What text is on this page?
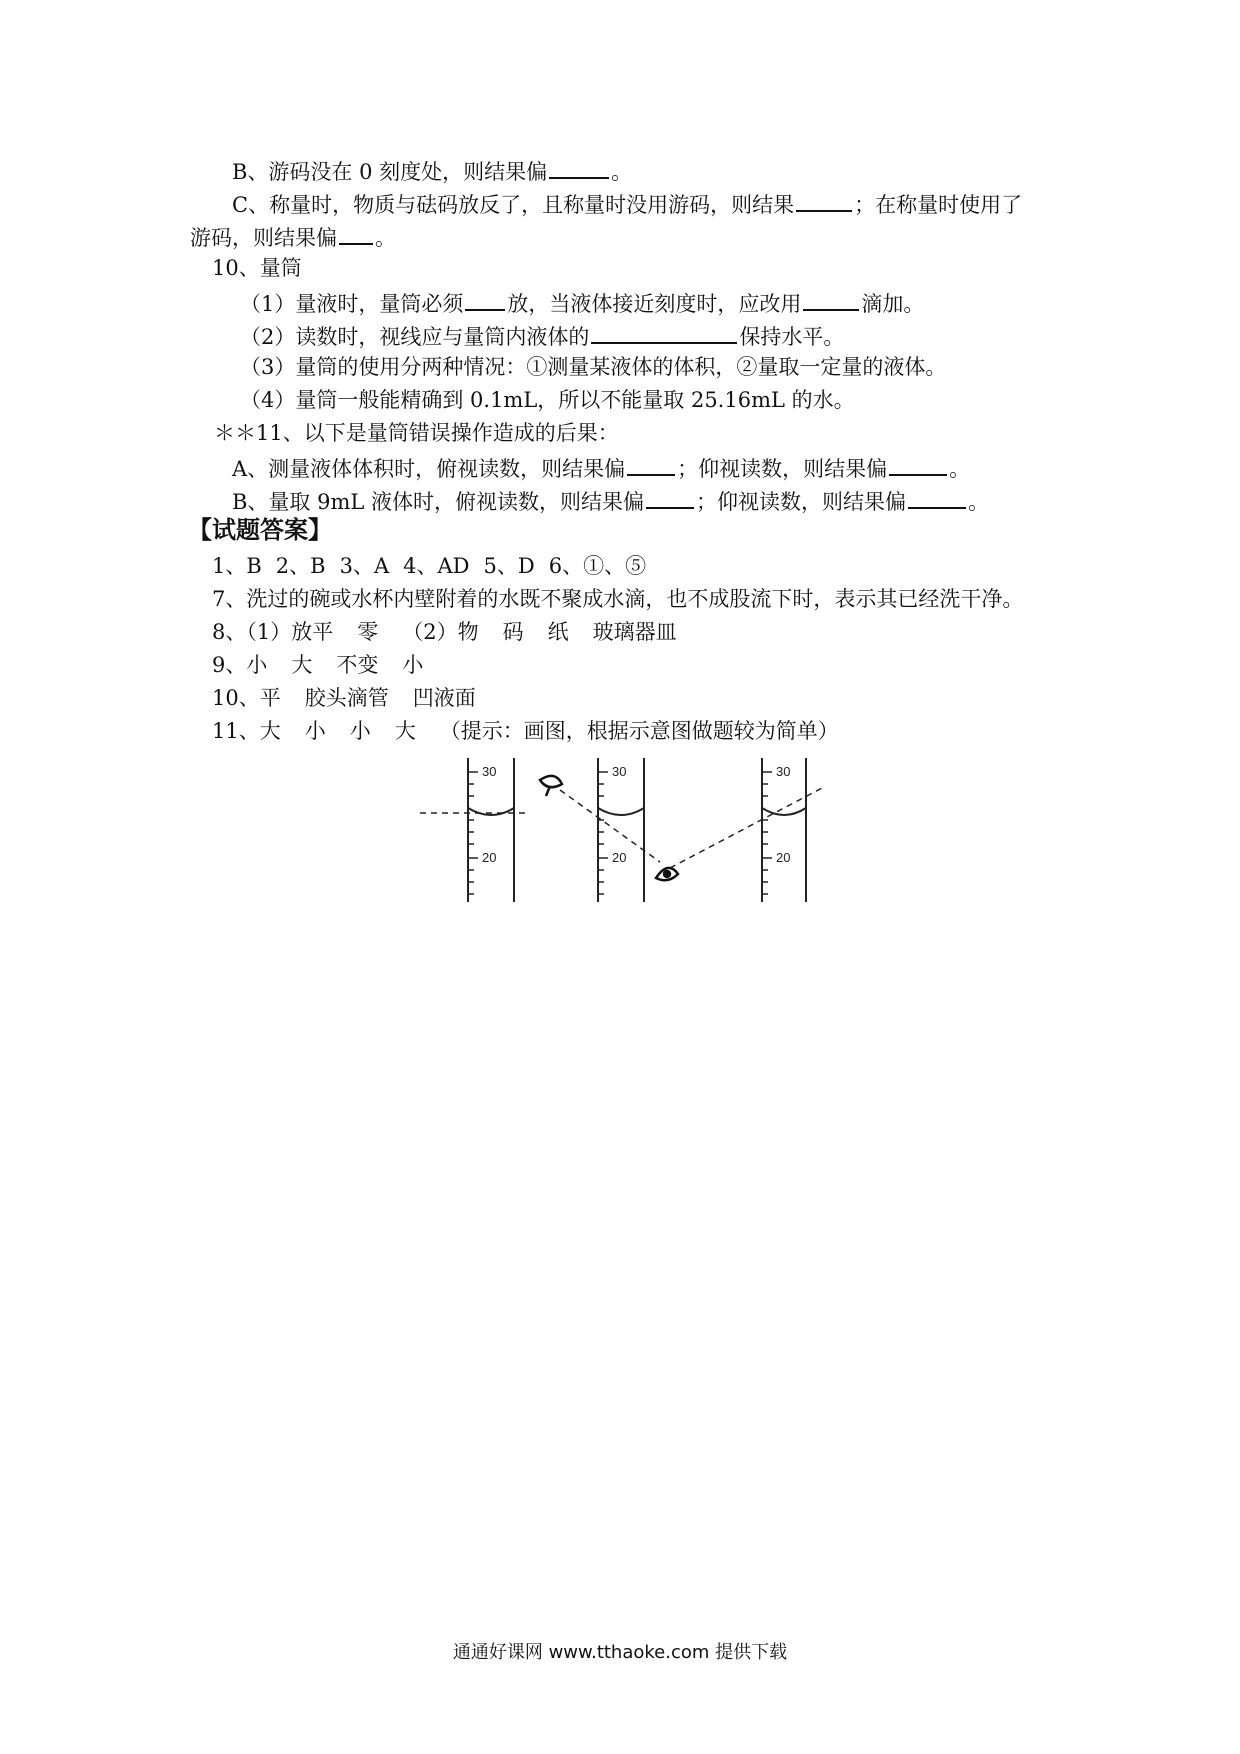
B、游码没在 0 刻度处，则结果偏	。
C、称量时，物质与砝码放反了，且称量时没用游码，则结果	；在称量时使用了
游码，则结果偏 。
10、量筒
（1）量液时，量筒必须 放，当液体接近刻度时，应改用	滴加。
（2）读数时，视线应与量筒内液体的	保持水平。
（3）量筒的使用分两种情况：①测量某液体的体积，②量取一定量的液体。
（4）量筒一般能精确到 0.1mL，所以不能量取 25.16mL 的水。
＊＊11、以下是量筒错误操作造成的后果：
A、测量液体体积时，俯视读数，则结果偏 ；仰视读数，则结果偏	。
B、量取 9mL 液体时，俯视读数，则结果偏 ；仰视读数，则结果偏	。
【试题答案】
1、B 2、B 3、A 4、AD 5、D 6、①、⑤
7、洗过的碗或水杯内壁附着的水既不聚成水滴，也不成股流下时，表示其已经洗干净。
8、（1）放平 零 （2）物 码 纸 玻璃器皿
9、小 大 不变 小
10、平 胶头滴管 凹液面
11、大 小 小 大 （提示：画图，根据示意图做题较为简单）
30
20
30
20
30
20
通通好课网 www.tthaoke.com 提供下载
